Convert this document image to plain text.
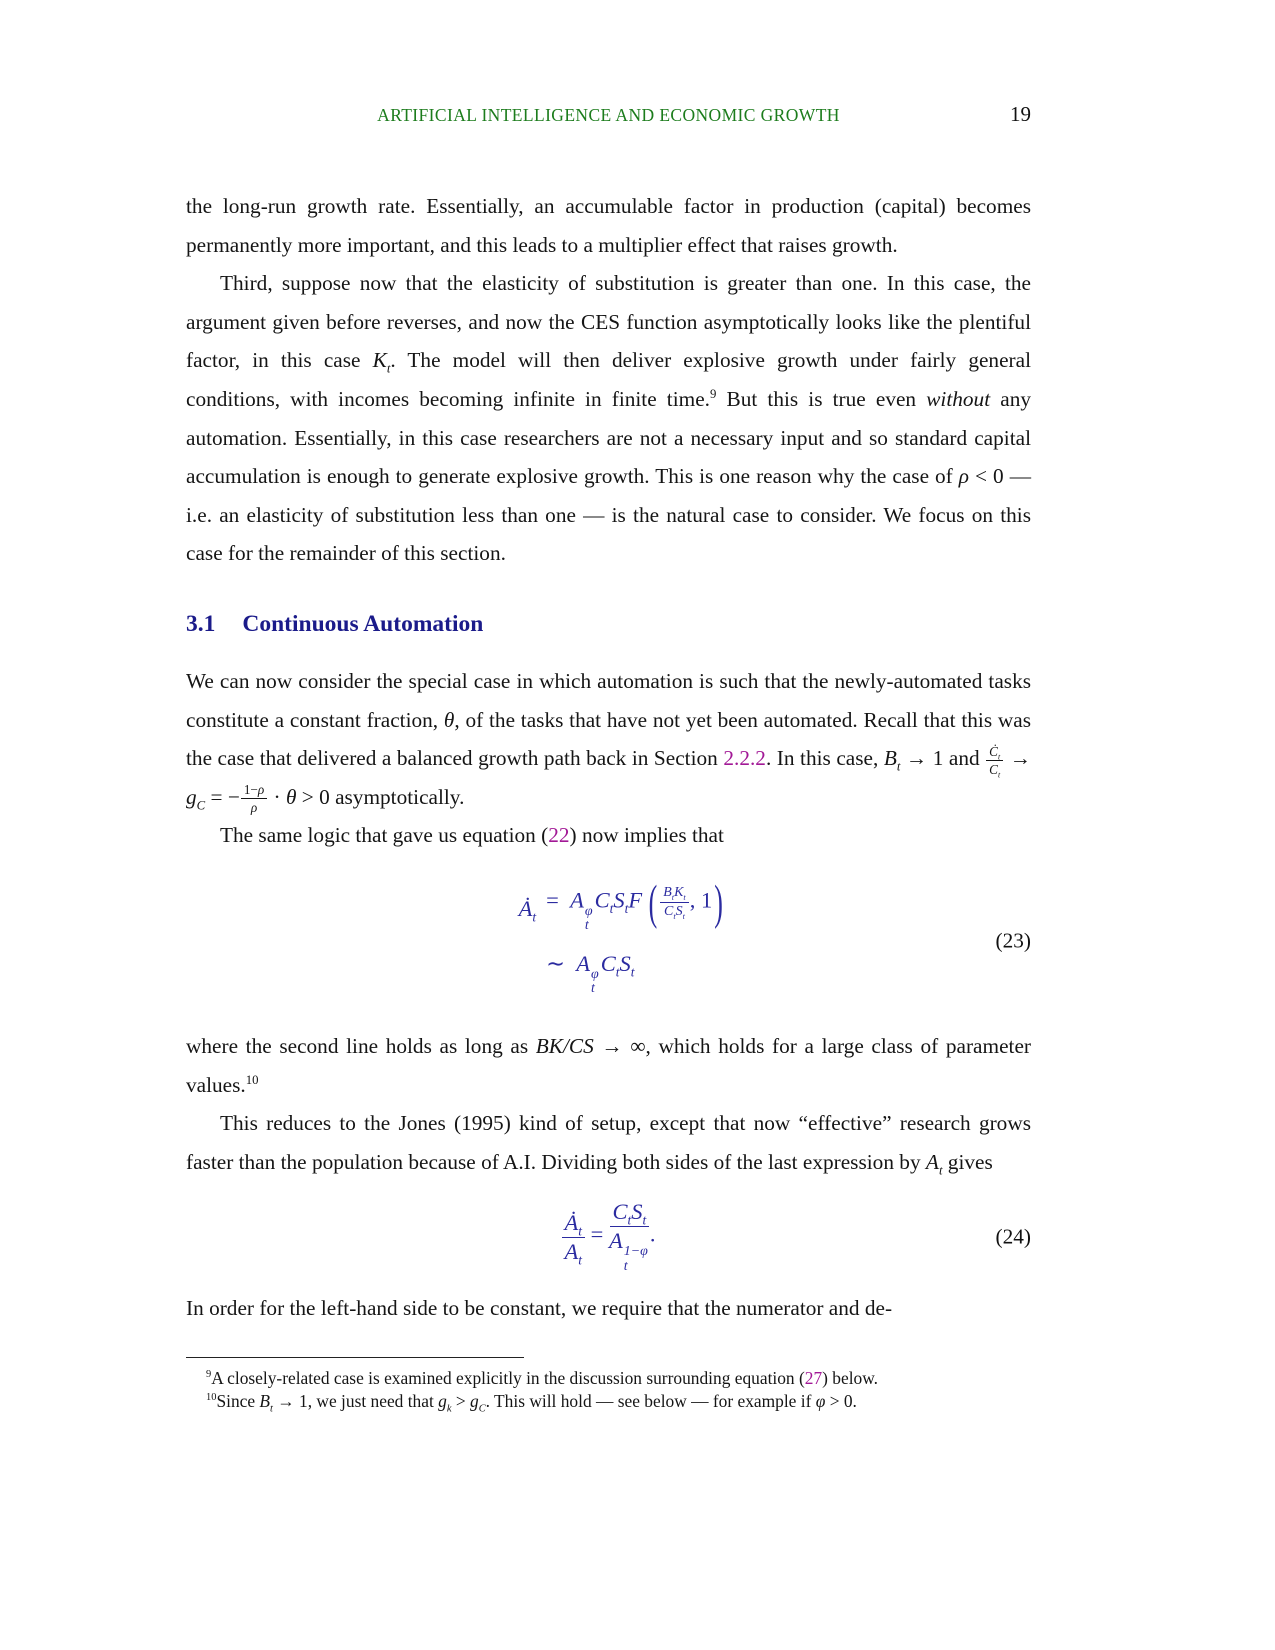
ARTIFICIAL INTELLIGENCE AND ECONOMIC GROWTH	19

the long-run growth rate. Essentially, an accumulable factor in production (capital) becomes permanently more important, and this leads to a multiplier effect that raises growth.

Third, suppose now that the elasticity of substitution is greater than one. In this case, the argument given before reverses, and now the CES function asymptotically looks like the plentiful factor, in this case $K_t$. The model will then deliver explosive growth under fairly general conditions, with incomes becoming infinite in finite time.$^9$ But this is true even without any automation. Essentially, in this case researchers are not a necessary input and so standard capital accumulation is enough to generate explosive growth. This is one reason why the case of ρ < 0 — i.e. an elasticity of substitution less than one — is the natural case to consider. We focus on this case for the remainder of this section.

3.1 Continuous Automation

We can now consider the special case in which automation is such that the newly-automated tasks constitute a constant fraction, θ, of the tasks that have not yet been automated. Recall that this was the case that delivered a balanced growth path back in Section 2.2.2. In this case, $B_t \to 1$ and $\frac{Ċ_t}{C_t} \to g_C$ = − $\frac{1-\rho}{\rho} \cdot \theta > 0$ asymptotically.

The same logic that gave us equation (22) now implies that

$Ȧ_t$
=  A φ
t
$C_tS_tF$  ( $B_tK_t$
$C_tS_t$
, 1)
∼  A φ
t
$C_tS_t$
(23)

where the second line holds as long as BK/CS → ∞, which holds for a large class of parameter values.$^{10}$

This reduces to the Jones (1995) kind of setup, except that now “effective” research grows faster than the population because of A.I. Dividing both sides of the last expression by $A_t$ gives

$\frac{Ȧ_t}{A_t}$ =
$C_tS_t$
A 1−φ
t
.	(24)

In order for the left-hand side to be constant, we require that the numerator and de-

$^9$A closely-related case is examined explicitly in the discussion surrounding equation (27) below.

$^{10}$Since $B_t \to 1$, we just need that $g_k > g_C$. This will hold — see below — for example if φ > 0.
